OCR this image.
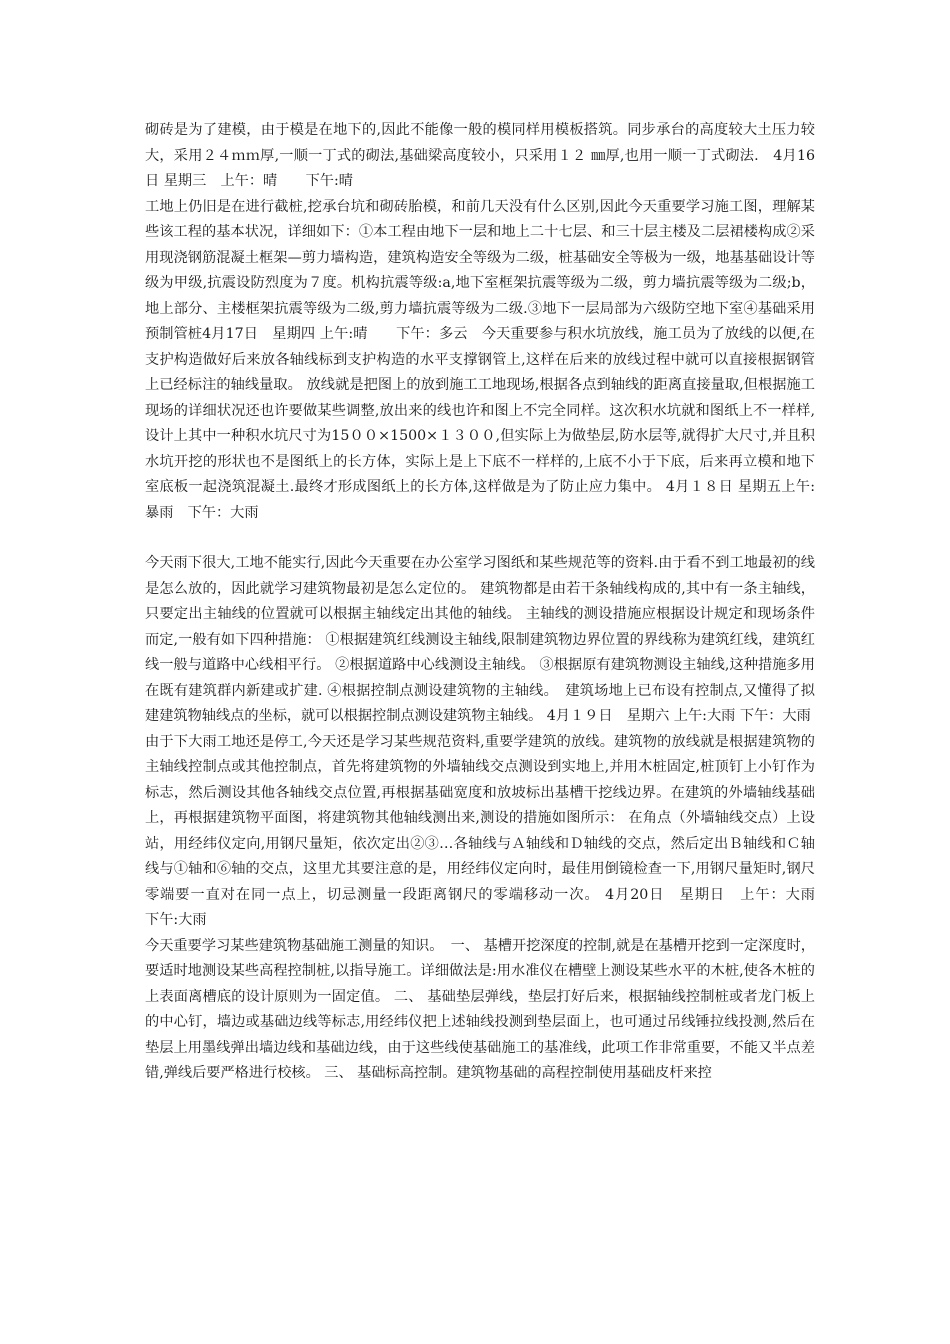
砌砖是为了建模，由于模是在地下的,因此不能像一般的模同样用模板搭筑。同步承台的高度较大土压力较大，采用２４ｍｍ厚,一顺一丁式的砌法,基础梁高度较小，只采用１２ ㎜厚,也用一顺一丁式砌法.　4月16日 星期三　上午：晴　　下午:晴

工地上仍旧是在进行截桩,挖承台坑和砌砖胎模，和前几天没有什么区别,因此今天重要学习施工图，理解某些该工程的基本状况，详细如下：①本工程由地下一层和地上二十七层、和三十层主楼及二层裙楼构成②采用现浇钢筋混凝土框架—剪力墙构造，建筑构造安全等级为二级，桩基础安全等极为一级，地基基础设计等级为甲级,抗震设防烈度为７度。机构抗震等级:a,地下室框架抗震等级为二级，剪力墙抗震等级为二级;b，地上部分、主楼框架抗震等级为二级,剪力墙抗震等级为二级.③地下一层局部为六级防空地下室④基础采用预制管桩4月17日　星期四 上午:晴　　下午：多云　今天重要参与积水坑放线，施工员为了放线的以便,在支护构造做好后来放各轴线标到支护构造的水平支撑钢管上,这样在后来的放线过程中就可以直接根据钢管上已经标注的轴线量取。 放线就是把图上的放到施工工地现场,根据各点到轴线的距离直接量取,但根据施工现场的详细状况还也许要做某些调整,放出来的线也许和图上不完全同样。这次积水坑就和图纸上不一样样,设计上其中一种积水坑尺寸为15００×1500×１３００,但实际上为做垫层,防水层等,就得扩大尺寸,并且积水坑开挖的形状也不是图纸上的长方体，实际上是上下底不一样样的,上底不小于下底，后来再立模和地下室底板一起浇筑混凝土.最终才形成图纸上的长方体,这样做是为了防止应力集中。 4月１８日 星期五上午:暴雨　下午：大雨

今天雨下很大,工地不能实行,因此今天重要在办公室学习图纸和某些规范等的资料.由于看不到工地最初的线是怎么放的，因此就学习建筑物最初是怎么定位的。 建筑物都是由若干条轴线构成的,其中有一条主轴线，只要定出主轴线的位置就可以根据主轴线定出其他的轴线。 主轴线的测设措施应根据设计规定和现场条件而定,一般有如下四种措施： ①根据建筑红线测设主轴线,限制建筑物边界位置的界线称为建筑红线，建筑红线一般与道路中心线相平行。 ②根据道路中心线测设主轴线。 ③根据原有建筑物测设主轴线,这种措施多用在既有建筑群内新建或扩建. ④根据控制点测设建筑物的主轴线。　建筑场地上已布设有控制点,又懂得了拟建建筑物轴线点的坐标，就可以根据控制点测设建筑物主轴线。 4月１９日　星期六 上午:大雨 下午：大雨

由于下大雨工地还是停工,今天还是学习某些规范资料,重要学建筑的放线。建筑物的放线就是根据建筑物的主轴线控制点或其他控制点，首先将建筑物的外墙轴线交点测设到实地上,并用木桩固定,桩顶钉上小钉作为标志，然后测设其他各轴线交点位置,再根据基础宽度和放坡标出基槽干挖线边界。在建筑的外墙轴线基础上，再根据建筑物平面图，将建筑物其他轴线测出来,测设的措施如图所示： 在角点（外墙轴线交点）上设站，用经纬仪定向,用钢尺量矩，依次定出②③…各轴线与Ａ轴线和Ｄ轴线的交点，然后定出Ｂ轴线和Ｃ轴线与①轴和⑥轴的交点，这里尤其要注意的是，用经纬仪定向时，最佳用倒镜检查一下,用钢尺量矩时,钢尺零端要一直对在同一点上，切忌测量一段距离钢尺的零端移动一次。 4月20日　星期日　上午：大雨　　下午:大雨

今天重要学习某些建筑物基础施工测量的知识。　一、 基槽开挖深度的控制,就是在基槽开挖到一定深度时，要适时地测设某些高程控制桩,以指导施工。详细做法是:用水准仪在槽壁上测设某些水平的木桩,使各木桩的上表面离槽底的设计原则为一固定值。 二、 基础垫层弹线，垫层打好后来，根据轴线控制桩或者龙门板上的中心钉，墙边或基础边线等标志,用经纬仪把上述轴线投测到垫层面上，也可通过吊线锤拉线投测,然后在垫层上用墨线弹出墙边线和基础边线，由于这些线使基础施工的基准线，此项工作非常重要，不能又半点差错,弹线后要严格进行校核。 三、 基础标高控制。建筑物基础的高程控制使用基础皮杆来控
